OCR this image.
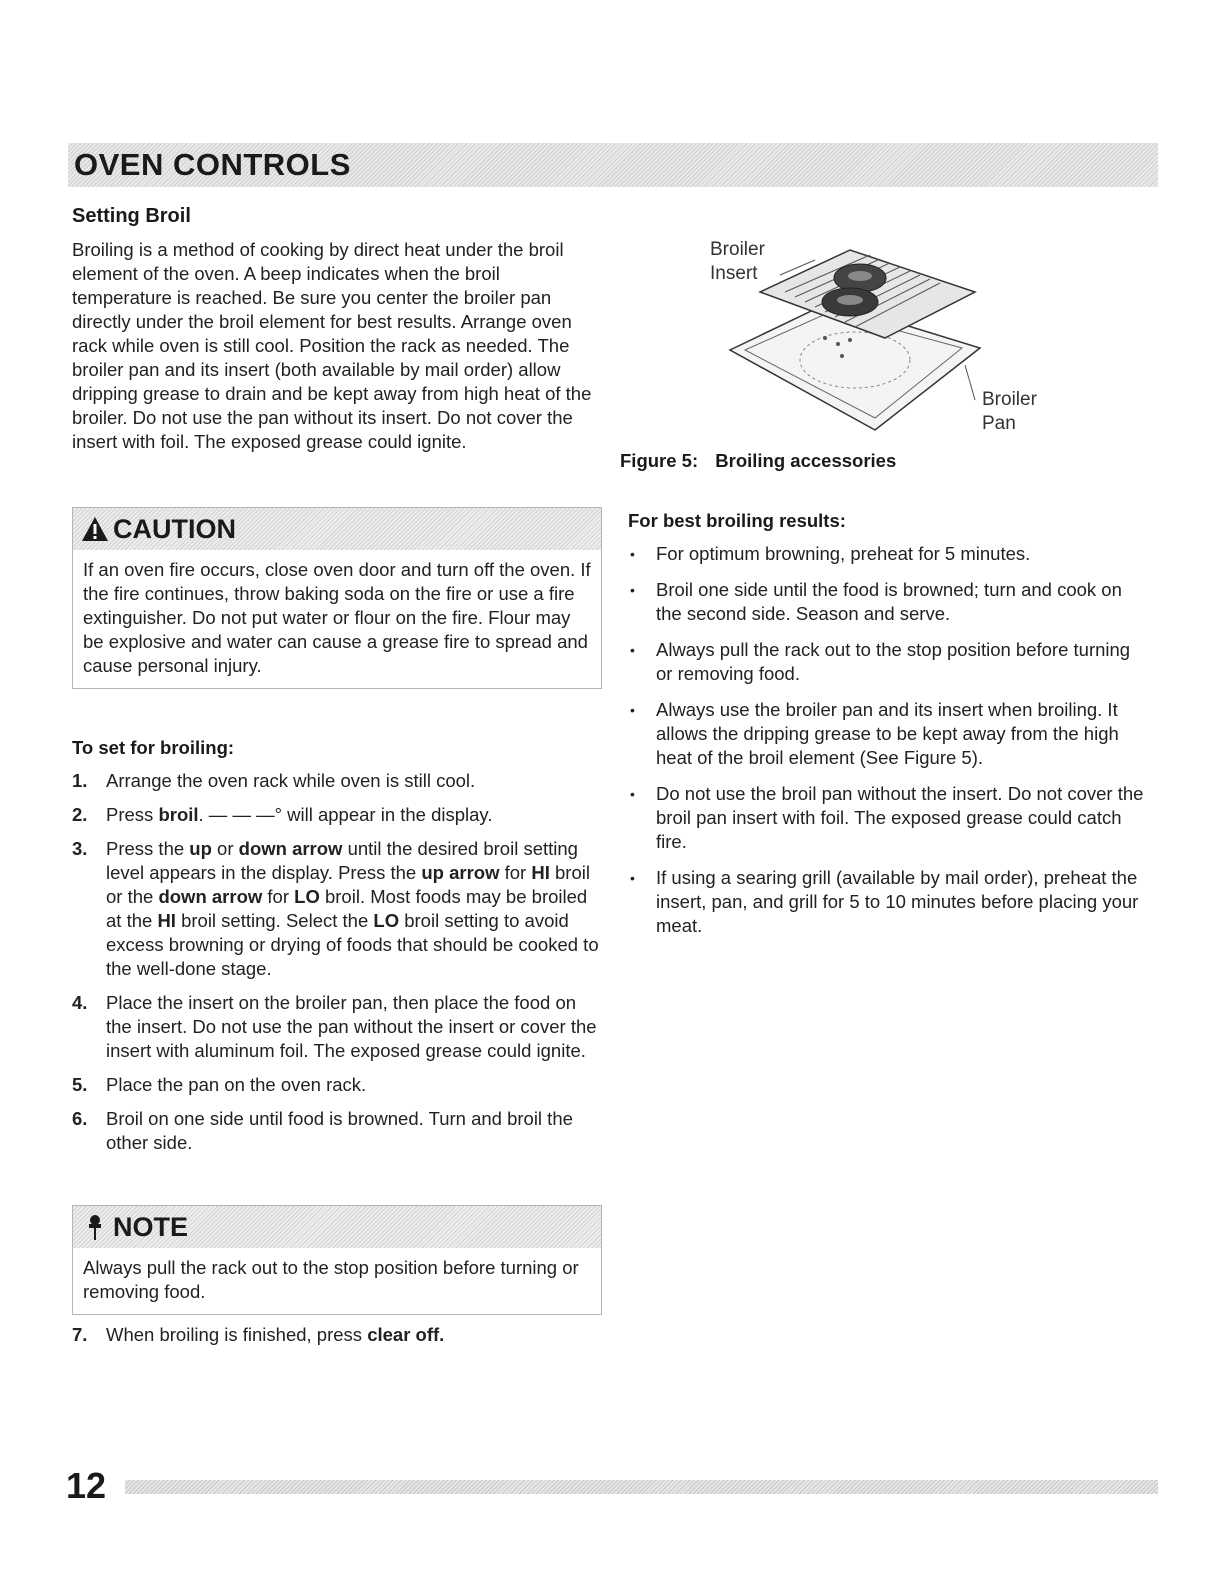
OVEN CONTROLS
Setting Broil

Broiling is a method of cooking by direct heat under the broil element of the oven. A beep indicates when the broil temperature is reached. Be sure you center the broiler pan directly under the broil element for best results. Arrange oven rack while oven is still cool. Position the rack as needed. The broiler pan and its insert (both available by mail order) allow dripping grease to drain and be kept away from high heat of the broiler. Do not use the pan without its insert. Do not cover the insert with foil. The exposed grease could ignite.

CAUTION
If an oven fire occurs, close oven door and turn off the oven. If the fire continues, throw baking soda on the fire or use a fire extinguisher. Do not put water or flour on the fire. Flour may be explosive and water can cause a grease fire to spread and cause personal injury.
To set for broiling:
1. Arrange the oven rack while oven is still cool.
2. Press broil. — — —° will appear in the display.
3. Press the up or down arrow until the desired broil setting level appears in the display. Press the up arrow for HI broil or the down arrow for LO broil. Most foods may be broiled at the HI broil setting. Select the LO broil setting to avoid excess browning or drying of foods that should be cooked to the well-done stage.
4. Place the insert on the broiler pan, then place the food on the insert. Do not use the pan without the insert or cover the insert with aluminum foil. The exposed grease could ignite.
5. Place the pan on the oven rack.
6. Broil on one side until food is browned. Turn and broil the other side.
NOTE
Always pull the rack out to the stop position before turning or removing food.
7. When broiling is finished, press clear off.
Broiler
Insert
Broiler
Pan
Figure 5: Broiling accessories
For best broiling results:
• For optimum browning, preheat for 5 minutes.
• Broil one side until the food is browned; turn and cook on the second side. Season and serve.
• Always pull the rack out to the stop position before turning or removing food.
• Always use the broiler pan and its insert when broiling. It allows the dripping grease to be kept away from the high heat of the broil element (See Figure 5).
• Do not use the broil pan without the insert. Do not cover the broil pan insert with foil. The exposed grease could catch fire.
• If using a searing grill (available by mail order), preheat the insert, pan, and grill for 5 to 10 minutes before placing your meat.
12
